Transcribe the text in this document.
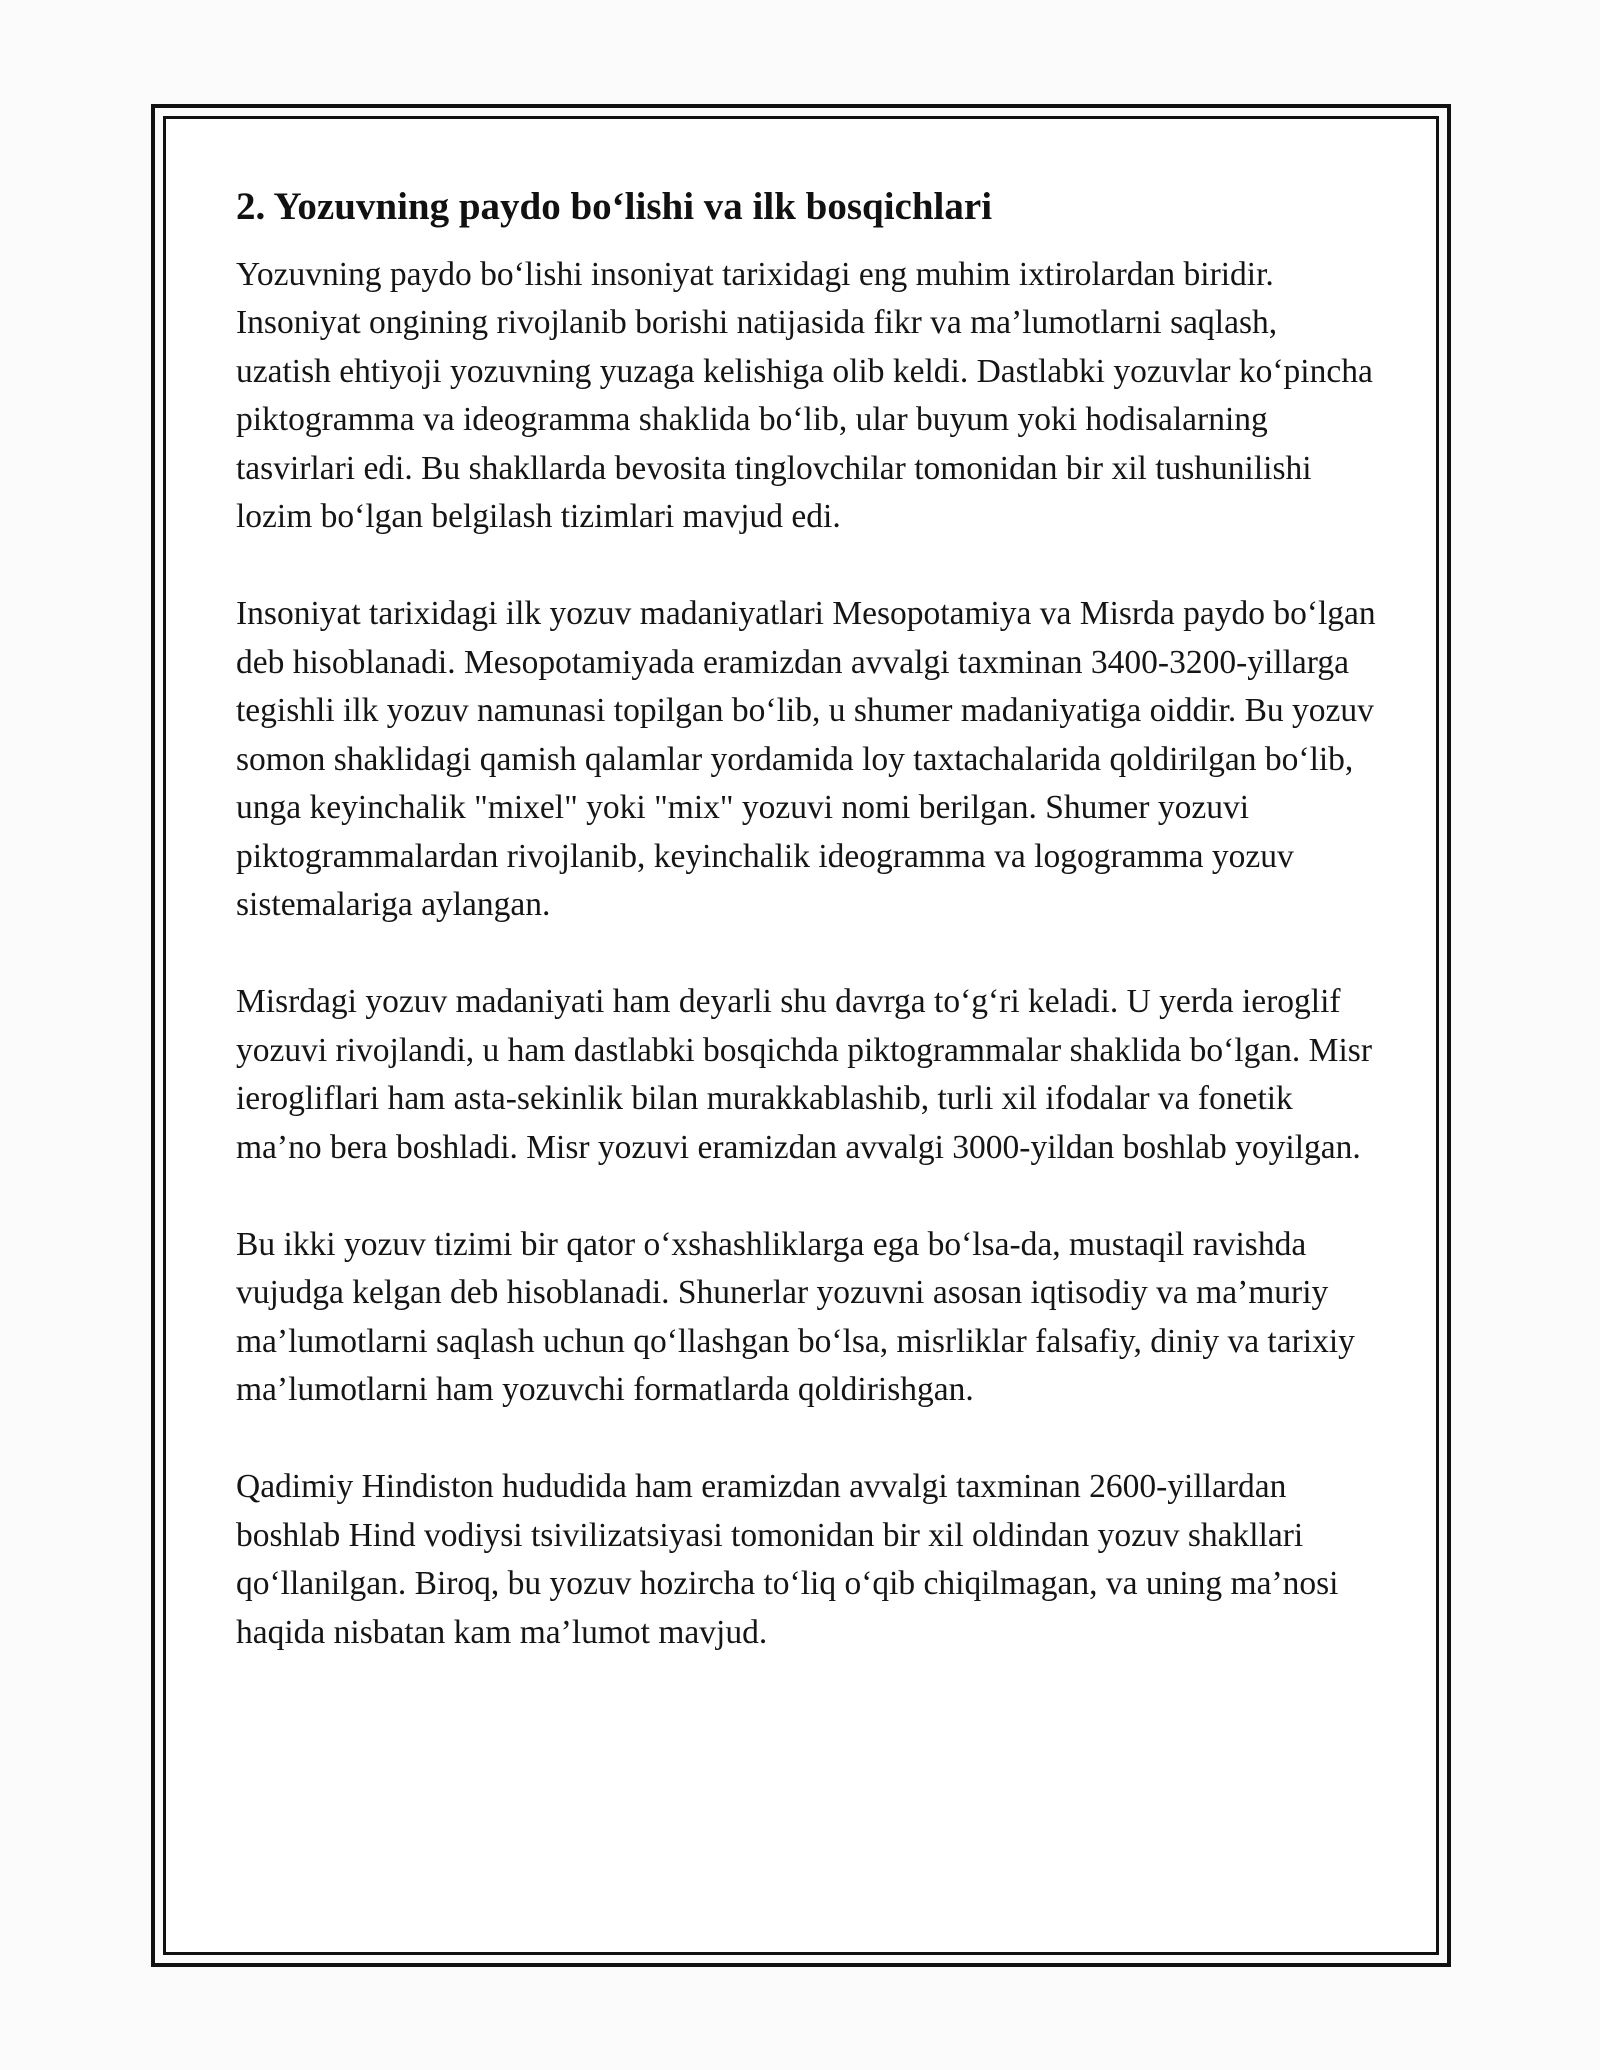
2. Yozuvning paydo bo‘lishi va ilk bosqichlari

Yozuvning paydo bo‘lishi insoniyat tarixidagi eng muhim ixtirolardan biridir. Insoniyat ongining rivojlanib borishi natijasida fikr va ma’lumotlarni saqlash, uzatish ehtiyoji yozuvning yuzaga kelishiga olib keldi. Dastlabki yozuvlar ko‘pincha piktogramma va ideogramma shaklida bo‘lib, ular buyum yoki hodisalarning tasvirlari edi. Bu shakllarda bevosita tinglovchilar tomonidan bir xil tushunilishi lozim bo‘lgan belgilash tizimlari mavjud edi.

Insoniyat tarixidagi ilk yozuv madaniyatlari Mesopotamiya va Misrda paydo bo‘lgan deb hisoblanadi. Mesopotamiyada eramizdan avvalgi taxminan 3400-3200-yillarga tegishli ilk yozuv namunasi topilgan bo‘lib, u shumer madaniyatiga oiddir. Bu yozuv somon shaklidagi qamish qalamlar yordamida loy taxtachalarida qoldirilgan bo‘lib, unga keyinchalik "mixel" yoki "mix" yozuvi nomi berilgan. Shumer yozuvi piktogrammalardan rivojlanib, keyinchalik ideogramma va logogramma yozuv sistemalariga aylangan.

Misrdagi yozuv madaniyati ham deyarli shu davrga to‘g‘ri keladi. U yerda ieroglif yozuvi rivojlandi, u ham dastlabki bosqichda piktogrammalar shaklida bo‘lgan. Misr ierogliflari ham asta-sekinlik bilan murakkablashib, turli xil ifodalar va fonetik ma’no bera boshladi. Misr yozuvi eramizdan avvalgi 3000-yildan boshlab yoyilgan.

Bu ikki yozuv tizimi bir qator o‘xshashliklarga ega bo‘lsa-da, mustaqil ravishda vujudga kelgan deb hisoblanadi. Shunerlar yozuvni asosan iqtisodiy va ma’muriy ma’lumotlarni saqlash uchun qo‘llashgan bo‘lsa, misrliklar falsafiy, diniy va tarixiy ma’lumotlarni ham yozuvchi formatlarda qoldirishgan.

Qadimiy Hindiston hududida ham eramizdan avvalgi taxminan 2600-yillardan boshlab Hind vodiysi tsivilizatsiyasi tomonidan bir xil oldindan yozuv shakllari qo‘llanilgan. Biroq, bu yozuv hozircha to‘liq o‘qib chiqilmagan, va uning ma’nosi haqida nisbatan kam ma’lumot mavjud.
